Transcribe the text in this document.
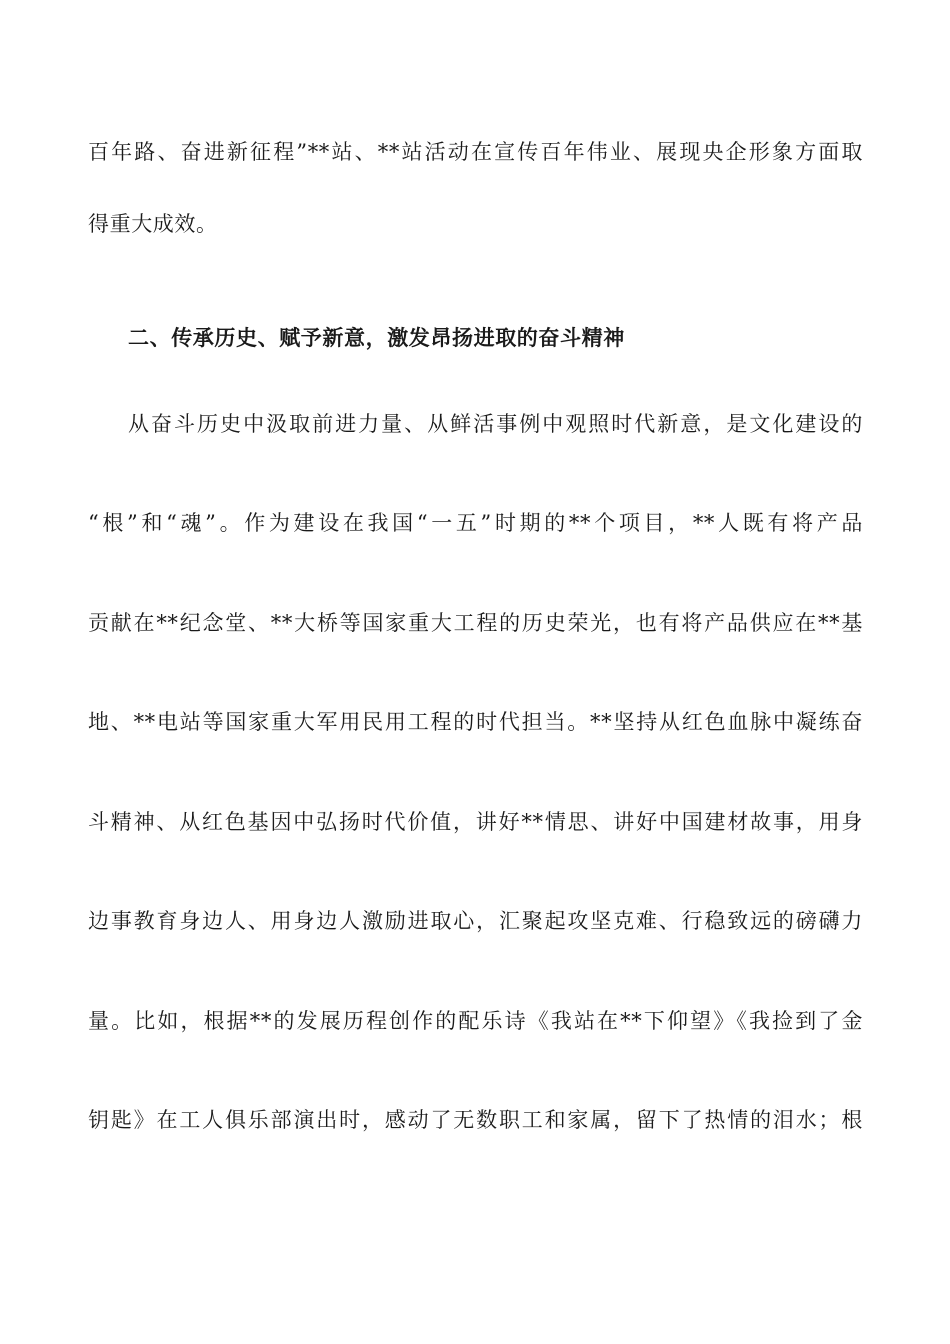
百年路、奋进新征程”**站、**站活动在宣传百年伟业、展现央企形象方面取
得重大成效。
二、传承历史、赋予新意，激发昂扬进取的奋斗精神
从奋斗历史中汲取前进力量、从鲜活事例中观照时代新意，是文化建设的
“根”和“魂”。作为建设在我国“一五”时期的**个项目，**人既有将产品
贡献在**纪念堂、**大桥等国家重大工程的历史荣光，也有将产品供应在**基
地、**电站等国家重大军用民用工程的时代担当。**坚持从红色血脉中凝练奋
斗精神、从红色基因中弘扬时代价值，讲好**情思、讲好中国建材故事，用身
边事教育身边人、用身边人激励进取心，汇聚起攻坚克难、行稳致远的磅礴力
量。比如，根据**的发展历程创作的配乐诗《我站在**下仰望》《我捡到了金
钥匙》在工人俱乐部演出时，感动了无数职工和家属，留下了热情的泪水；根
